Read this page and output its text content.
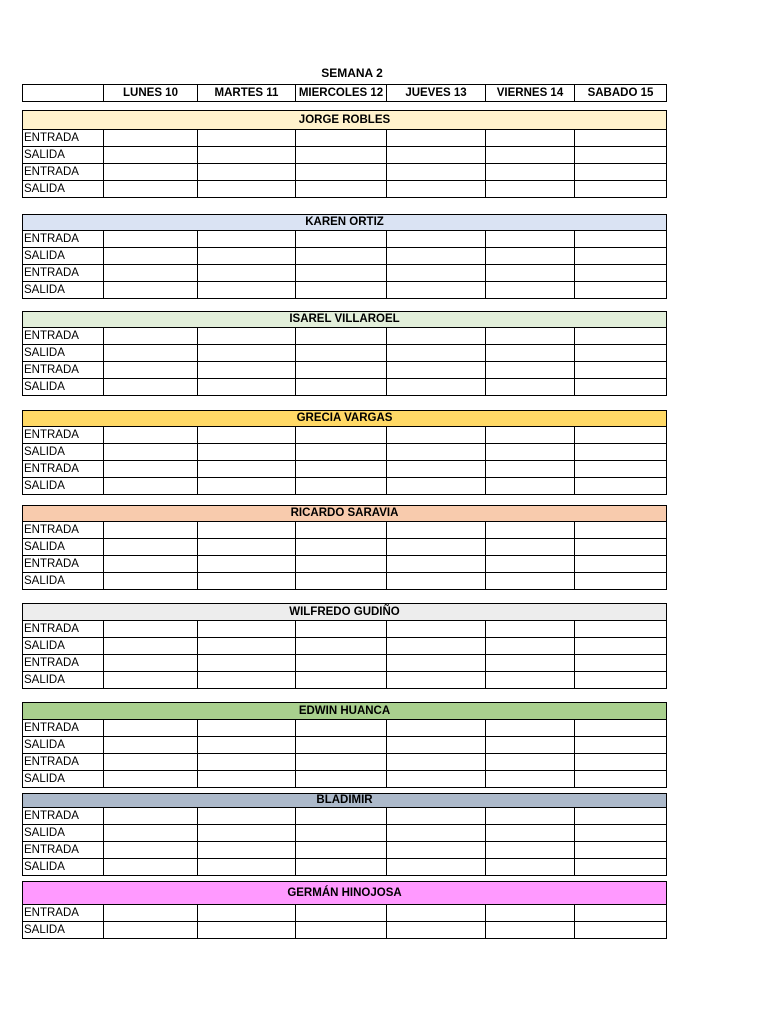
SEMANA 2
	LUNES 10	MARTES 11	MIERCOLES 12	JUEVES 13	VIERNES 14	SABADO 15
JORGE ROBLES						
ENTRADA						
SALIDA						
ENTRADA						
SALIDA						
KAREN ORTIZ						
ENTRADA						
SALIDA						
ENTRADA						
SALIDA						
ISAREL VILLAROEL						
ENTRADA						
SALIDA						
ENTRADA						
SALIDA						
GRECIA VARGAS						
ENTRADA						
SALIDA						
ENTRADA						
SALIDA						
RICARDO SARAVIA						
ENTRADA						
SALIDA						
ENTRADA						
SALIDA						
WILFREDO GUDIÑO						
ENTRADA						
SALIDA						
ENTRADA						
SALIDA						
EDWIN HUANCA						
ENTRADA						
SALIDA						
ENTRADA						
SALIDA						
BLADIMIR						
ENTRADA						
SALIDA						
ENTRADA						
SALIDA						
GERMÁN HINOJOSA						
ENTRADA						
SALIDA						
